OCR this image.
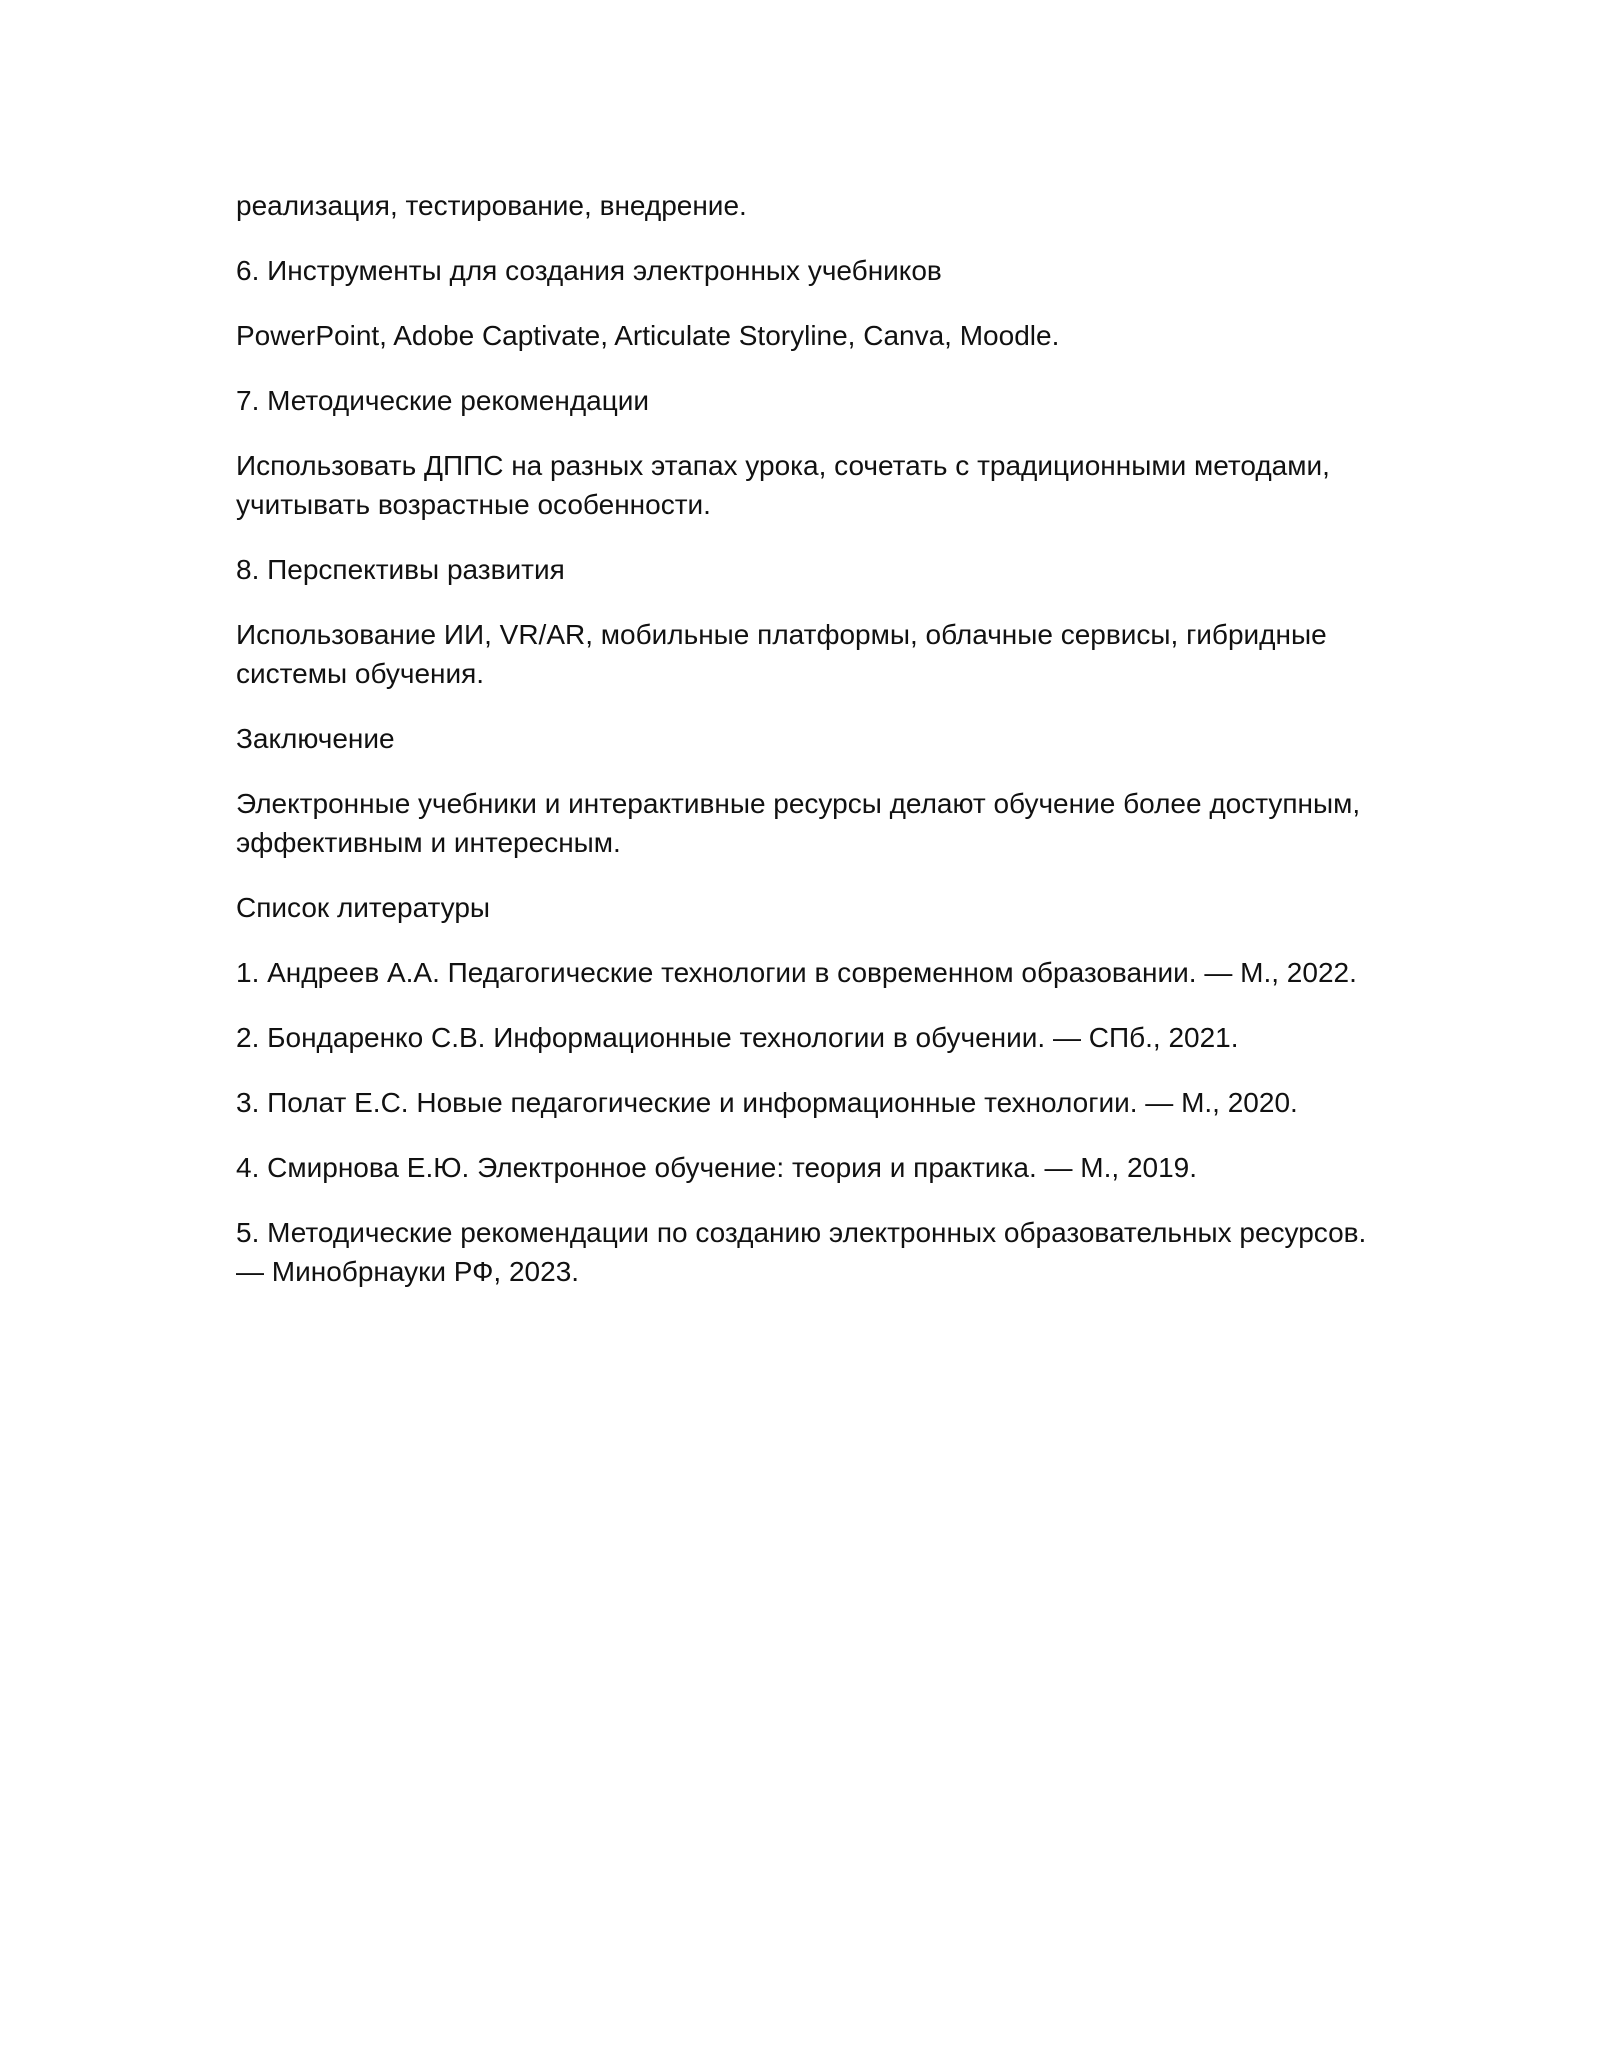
реализация, тестирование, внедрение.

6. Инструменты для создания электронных учебников

PowerPoint, Adobe Captivate, Articulate Storyline, Canva, Moodle.

7. Методические рекомендации

Использовать ДППС на разных этапах урока, сочетать с традиционными методами, учитывать возрастные особенности.

8. Перспективы развития

Использование ИИ, VR/AR, мобильные платформы, облачные сервисы, гибридные системы обучения.

Заключение

Электронные учебники и интерактивные ресурсы делают обучение более доступным, эффективным и интересным.

Список литературы

1. Андреев А.А. Педагогические технологии в современном образовании. — М., 2022.

2. Бондаренко С.В. Информационные технологии в обучении. — СПб., 2021.

3. Полат Е.С. Новые педагогические и информационные технологии. — М., 2020.

4. Смирнова Е.Ю. Электронное обучение: теория и практика. — М., 2019.

5. Методические рекомендации по созданию электронных образовательных ресурсов. — Минобрнауки РФ, 2023.
